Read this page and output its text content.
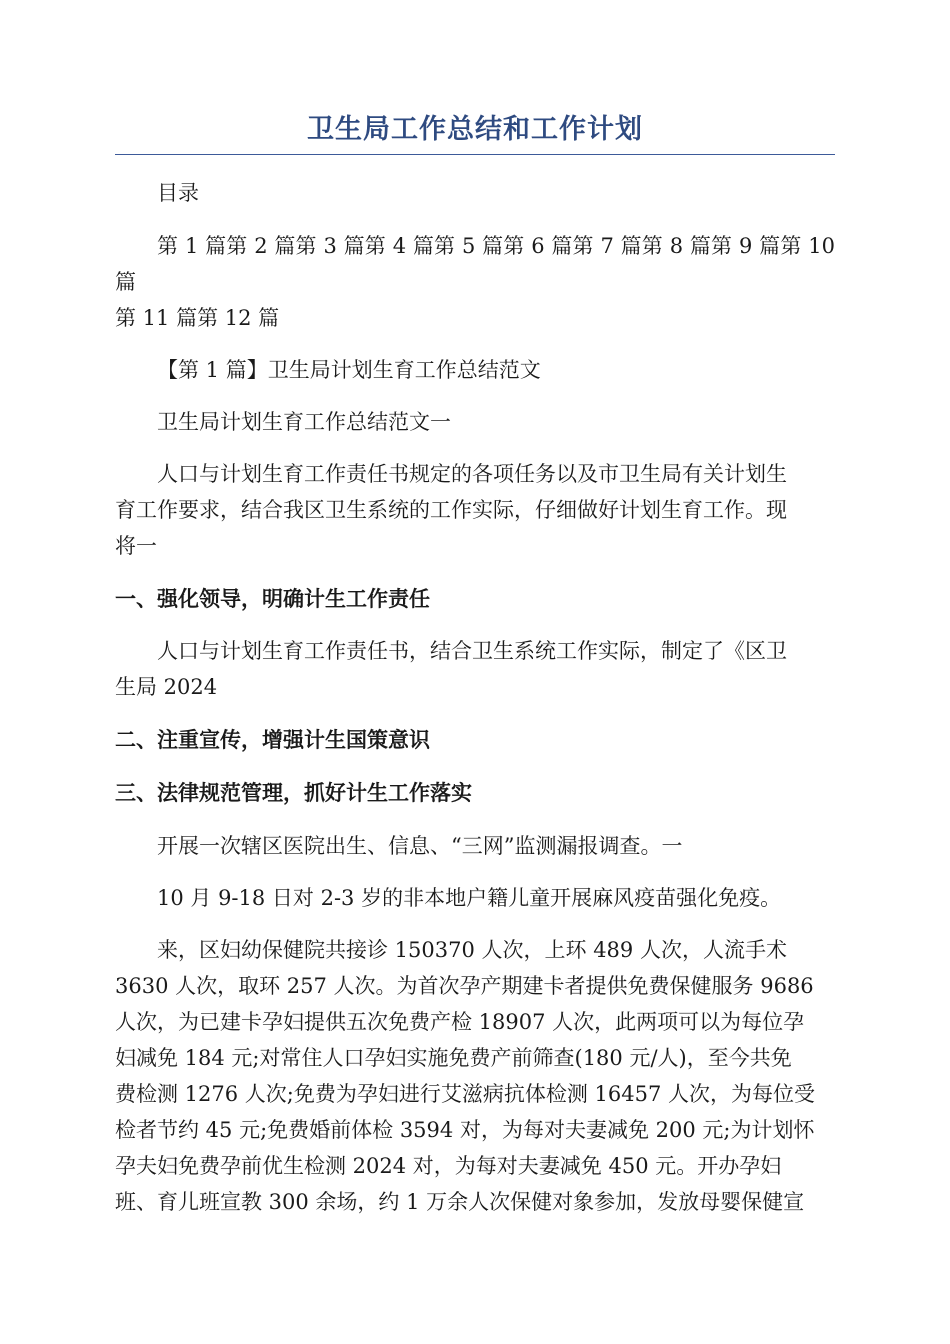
卫生局工作总结和工作计划

目录

第 1 篇第 2 篇第 3 篇第 4 篇第 5 篇第 6 篇第 7 篇第 8 篇第 9 篇第 10 篇

第 11 篇第 12 篇

【第 1 篇】卫生局计划生育工作总结范文

卫生局计划生育工作总结范文一

人口与计划生育工作责任书规定的各项任务以及市卫生局有关计划生

育工作要求，结合我区卫生系统的工作实际，仔细做好计划生育工作。现

将一

一、强化领导，明确计生工作责任

人口与计划生育工作责任书，结合卫生系统工作实际，制定了《区卫

生局 2024

二、注重宣传，增强计生国策意识

三、法律规范管理，抓好计生工作落实

开展一次辖区医院出生、信息、“三网”监测漏报调查。一

10 月 9-18 日对 2-3 岁的非本地户籍儿童开展麻风疫苗强化免疫。

来，区妇幼保健院共接诊 150370 人次，上环 489 人次，人流手术

3630 人次，取环 257 人次。为首次孕产期建卡者提供免费保健服务 9686

人次，为已建卡孕妇提供五次免费产检 18907 人次，此两项可以为每位孕

妇减免 184 元;对常住人口孕妇实施免费产前筛查(180 元/人)，至今共免

费检测 1276 人次;免费为孕妇进行艾滋病抗体检测 16457 人次，为每位受

检者节约 45 元;免费婚前体检 3594 对，为每对夫妻减免 200 元;为计划怀

孕夫妇免费孕前优生检测 2024 对，为每对夫妻减免 450 元。开办孕妇

班、育儿班宣教 300 余场，约 1 万余人次保健对象参加，发放母婴保健宣
